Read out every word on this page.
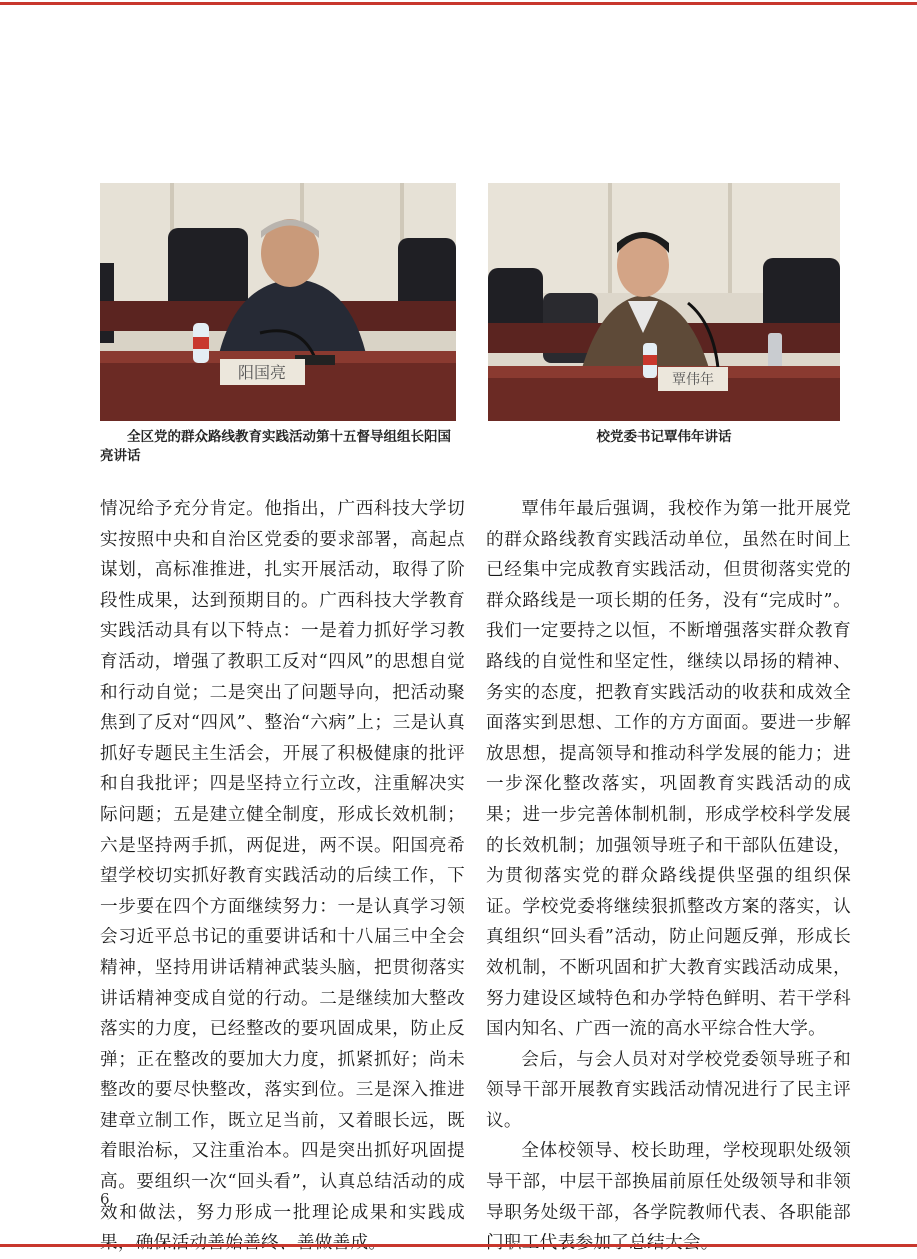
阳国亮	覃伟年
全区党的群众路线教育实践活动第十五督导组组长阳国亮讲话
校党委书记覃伟年讲话

情况给予充分肯定。他指出，广西科技大学切实按照中央和自治区党委的要求部署，高起点谋划，高标准推进，扎实开展活动，取得了阶段性成果，达到预期目的。广西科技大学教育实践活动具有以下特点：一是着力抓好学习教育活动，增强了教职工反对“四风”的思想自觉和行动自觉；二是突出了问题导向，把活动聚焦到了反对“四风”、整治“六病”上；三是认真抓好专题民主生活会，开展了积极健康的批评和自我批评；四是坚持立行立改，注重解决实际问题；五是建立健全制度，形成长效机制；六是坚持两手抓，两促进，两不误。阳国亮希望学校切实抓好教育实践活动的后续工作，下一步要在四个方面继续努力：一是认真学习领会习近平总书记的重要讲话和十八届三中全会精神，坚持用讲话精神武装头脑，把贯彻落实讲话精神变成自觉的行动。二是继续加大整改落实的力度，已经整改的要巩固成果，防止反弹；正在整改的要加大力度，抓紧抓好；尚未整改的要尽快整改，落实到位。三是深入推进建章立制工作，既立足当前，又着眼长远，既着眼治标，又注重治本。四是突出抓好巩固提高。要组织一次“回头看”，认真总结活动的成效和做法，努力形成一批理论成果和实践成

覃伟年最后强调，我校作为第一批开展党的群众路线教育实践活动单位，虽然在时间上已经集中完成教育实践活动，但贯彻落实党的群众路线是一项长期的任务，没有“完成时”。我们一定要持之以恒，不断增强落实群众教育路线的自觉性和坚定性，继续以昂扬的精神、务实的态度，把教育实践活动的收获和成效全面落实到思想、工作的方方面面。要进一步解放思想，提高领导和推动科学发展的能力；进一步深化整改落实，巩固教育实践活动的成果；进一步完善体制机制，形成学校科学发展的长效机制；加强领导班子和干部队伍建设，为贯彻落实党的群众路线提供坚强的组织保证。学校党委将继续狠抓整改方案的落实，认真组织“回头看”活动，防止问题反弹，形成长效机制，不断巩固和扩大教育实践活动成果，努力建设区域特色和办学特色鲜明、若干学科国内知名、广西一流的高水平综合性大学。

会后，与会人员对对学校党委领导班子和领导干部开展教育实践活动情况进行了民主评议。

全体校领导、校长助理，学校现职处级领导干部，中层干部换届前原任处级领导和非领导职务处级干部，各学院教师代表、各职能部

6
